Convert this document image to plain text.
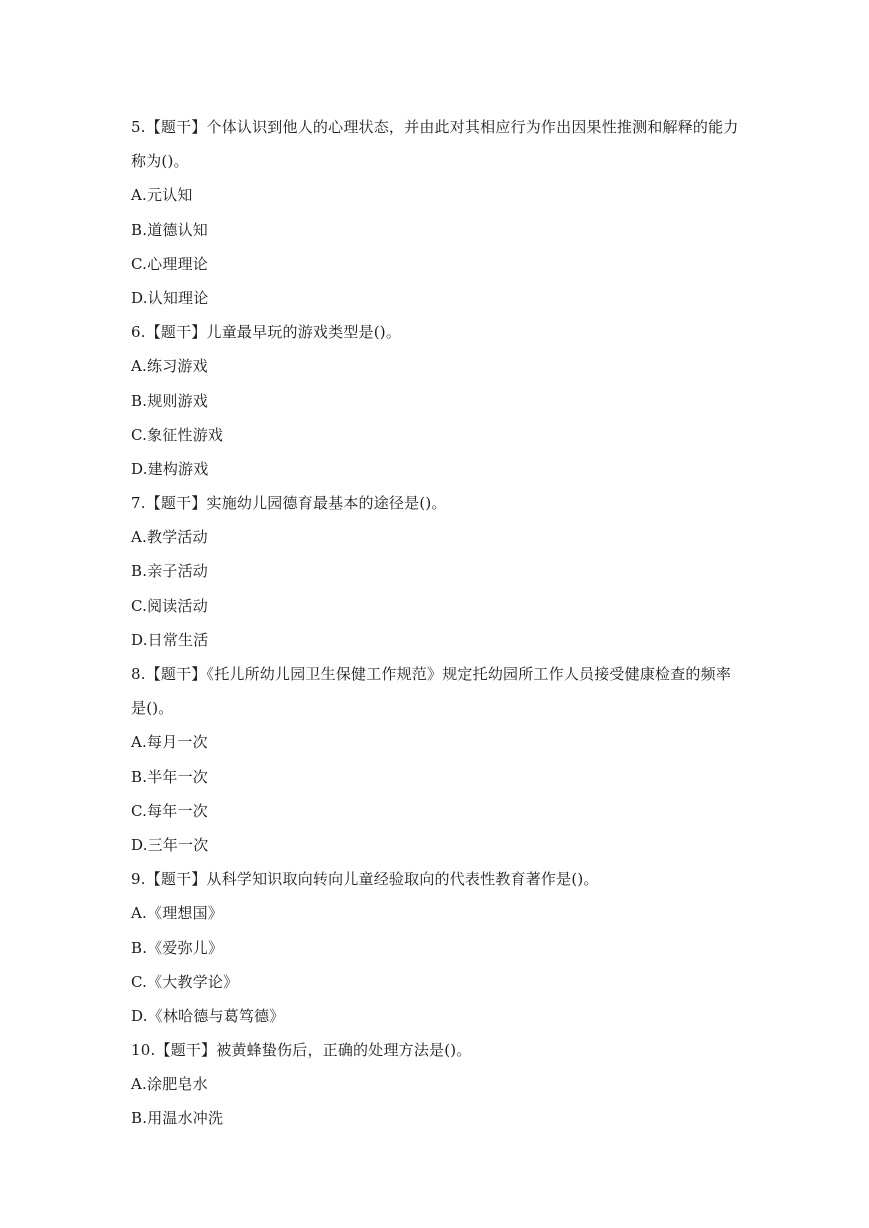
5.【题干】个体认识到他人的心理状态，并由此对其相应行为作出因果性推测和解释的能力
称为()。
A.元认知
B.道德认知
C.心理理论
D.认知理论
6.【题干】儿童最早玩的游戏类型是()。
A.练习游戏
B.规则游戏
C.象征性游戏
D.建构游戏
7.【题干】实施幼儿园德育最基本的途径是()。
A.教学活动
B.亲子活动
C.阅读活动
D.日常生活
8.【题干】《托儿所幼儿园卫生保健工作规范》规定托幼园所工作人员接受健康检查的频率
是()。
A.每月一次
B.半年一次
C.每年一次
D.三年一次
9.【题干】从科学知识取向转向儿童经验取向的代表性教育著作是()。
A.《理想国》
B.《爱弥儿》
C.《大教学论》
D.《林哈德与葛笃德》
10.【题干】被黄蜂蛰伤后，正确的处理方法是()。
A.涂肥皂水
B.用温水冲洗
